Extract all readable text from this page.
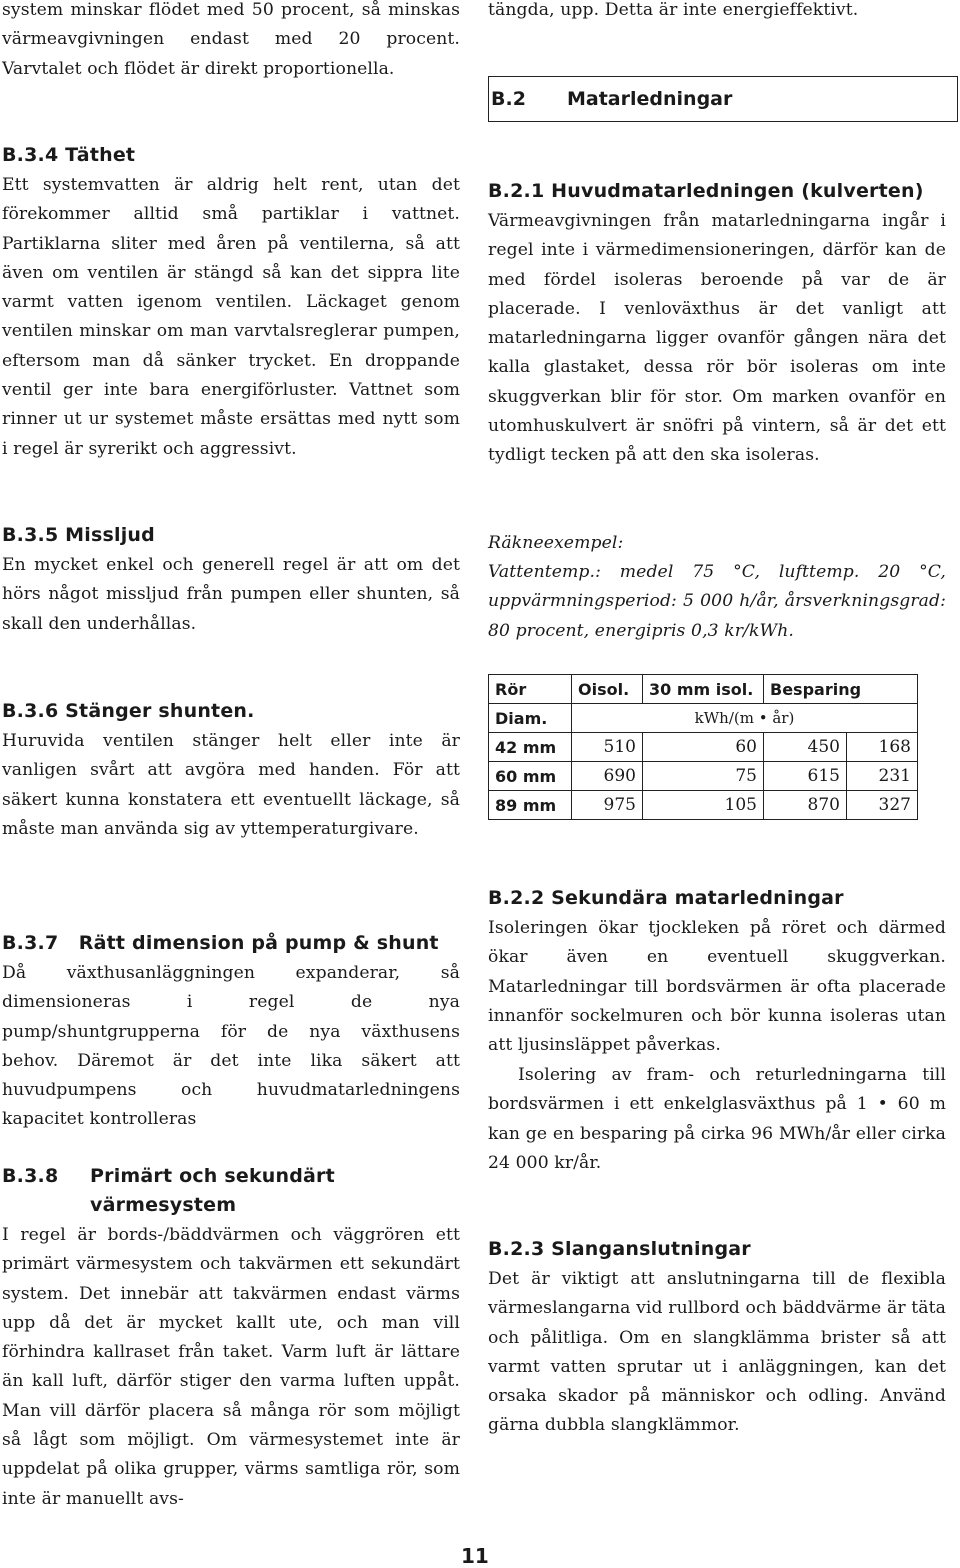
system minskar flödet med 50 procent, så minskas värmeavgivningen endast med 20 procent. Varvtalet och flödet är direkt proportionella.

B.3.4 Täthet

Ett systemvatten är aldrig helt rent, utan det förekommer alltid små partiklar i vattnet. Partiklarna sliter med åren på ventilerna, så att även om ventilen är stängd så kan det sippra lite varmt vatten igenom ventilen. Läckaget genom ventilen minskar om man varvtalsreglerar pumpen, eftersom man då sänker trycket. En droppande ventil ger inte bara energiförluster. Vattnet som rinner ut ur systemet måste ersättas med nytt som i regel är syrerikt och aggressivt.

B.3.5 Missljud

En mycket enkel och generell regel är att om det hörs något missljud från pumpen eller shunten, så skall den underhållas.

B.3.6 Stänger shunten.

Huruvida ventilen stänger helt eller inte är vanligen svårt att avgöra med handen. För att säkert kunna konstatera ett eventuellt läckage, så måste man använda sig av yttemperaturgivare.

B.3.7   Rätt dimension på pump & shunt

Då växthusanläggningen expanderar, så dimensioneras i regel de nya pump/shuntgrupperna för de nya växthusens behov. Däremot är det inte lika säkert att huvudpumpens och huvudmatarledningens kapacitet kontrolleras

B.3.8 Primärt och sekundärt
värmesystem

I regel är bords-/bäddvärmen och väggrören ett primärt värmesystem och takvärmen ett sekundärt system. Det innebär att takvärmen endast värms upp då det är mycket kallt ute, och man vill förhindra kallraset från taket. Varm luft är lättare än kall luft, därför stiger den varma luften uppåt. Man vill därför placera så många rör som möjligt så lågt som möjligt. Om värmesystemet inte är uppdelat på olika grupper, värms samtliga rör, som inte är manuellt avs-

tängda, upp. Detta är inte energieffektivt.

B.2	Matarledningar
B.2.1 Huvudmatarledningen (kulverten)

Värmeavgivningen från matarledningarna ingår i regel inte i värmedimensioneringen, därför kan de med fördel isoleras beroende på var de är placerade. I venloväxthus är det vanligt att matarledningarna ligger ovanför gången nära det kalla glastaket, dessa rör bör isoleras om inte skuggverkan blir för stor. Om marken ovanför en utomhuskulvert är snöfri på vintern, så är det ett tydligt tecken på att den ska isoleras.

Räkneexempel:

Vattentemp.: medel 75 °C, lufttemp. 20 °C, uppvärmningsperiod: 5 000 h/år, årsverkningsgrad: 80 procent, energipris 0,3 kr/kWh.

Rör	Oisol.	30 mm isol.	Besparing	
Diam.	kWh/(m • år)			
42 mm	510	60	450	168
60 mm	690	75	615	231
89 mm	975	105	870	327
B.2.2 Sekundära matarledningar

Isoleringen ökar tjockleken på röret och därmed ökar även en eventuell skuggverkan. Matarledningar till bordsvärmen är ofta placerade innanför sockelmuren och bör kunna isoleras utan att ljusinsläppet påverkas.

Isolering av fram- och returledningarna till bordsvärmen i ett enkelglasväxthus på 1 • 60 m kan ge en besparing på cirka 96 MWh/år eller cirka 24 000 kr/år.

B.2.3 Slanganslutningar

Det är viktigt att anslutningarna till de flexibla värmeslangarna vid rullbord och bäddvärme är täta och pålitliga. Om en slangklämma brister så att varmt vatten sprutar ut i anläggningen, kan det orsaka skador på människor och odling. Använd gärna dubbla slangklämmor.

11
